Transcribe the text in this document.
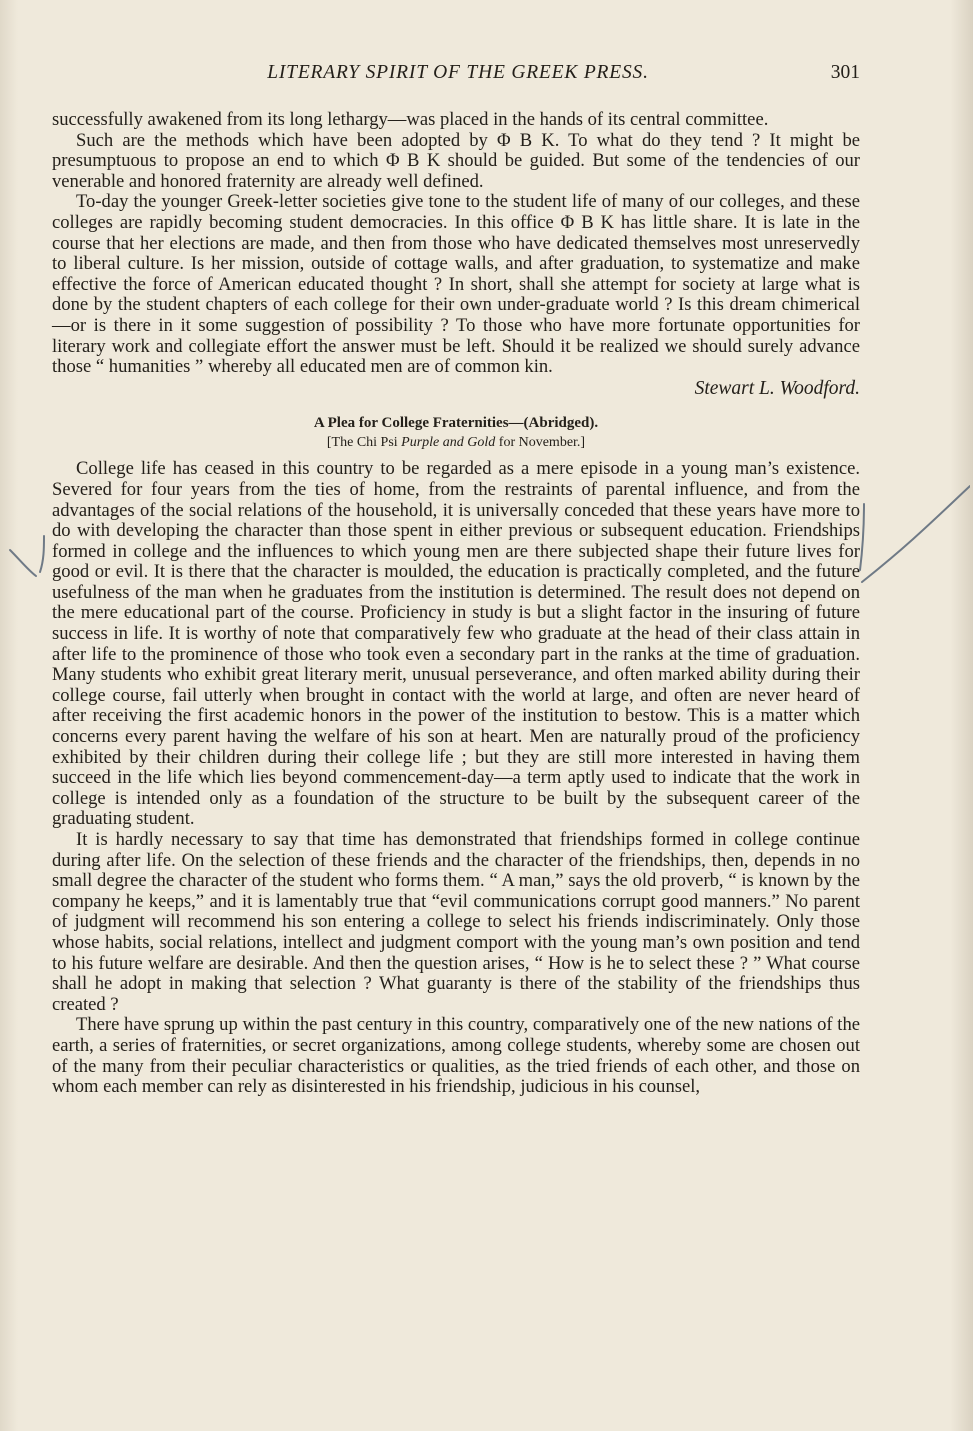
LITERARY SPIRIT OF THE GREEK PRESS.	301

successfully awakened from its long lethargy—was placed in the hands of its central committee.

Such are the methods which have been adopted by Φ B K. To what do they tend ? It might be presumptuous to propose an end to which Φ B K should be guided. But some of the tendencies of our venerable and honored fraternity are already well defined.

To-day the younger Greek-letter societies give tone to the student life of many of our colleges, and these colleges are rapidly becoming student democracies. In this office Φ B K has little share. It is late in the course that her elections are made, and then from those who have dedicated themselves most unreservedly to liberal culture. Is her mission, outside of cottage walls, and after graduation, to systematize and make effective the force of American educated thought ? In short, shall she attempt for society at large what is done by the student chapters of each college for their own under-graduate world ? Is this dream chimerical—or is there in it some suggestion of possibility ? To those who have more fortunate opportunities for literary work and collegiate effort the answer must be left. Should it be realized we should surely advance those “ humanities ” whereby all educated men are of common kin.

Stewart L. Woodford.

A Plea for College Fraternities—(Abridged).

[The Chi Psi Purple and Gold for November.]

College life has ceased in this country to be regarded as a mere episode in a young man’s existence. Severed for four years from the ties of home, from the restraints of parental influence, and from the advantages of the social relations of the household, it is universally conceded that these years have more to do with developing the character than those spent in either previous or subsequent education. Friendships formed in college and the influences to which young men are there subjected shape their future lives for good or evil. It is there that the character is moulded, the education is practically completed, and the future usefulness of the man when he graduates from the institution is determined. The result does not depend on the mere educational part of the course. Proficiency in study is but a slight factor in the insuring of future success in life. It is worthy of note that comparatively few who graduate at the head of their class attain in after life to the prominence of those who took even a secondary part in the ranks at the time of graduation. Many students who exhibit great literary merit, unusual perseverance, and often marked ability during their college course, fail utterly when brought in contact with the world at large, and often are never heard of after receiving the first academic honors in the power of the institution to bestow. This is a matter which concerns every parent having the welfare of his son at heart. Men are naturally proud of the proficiency exhibited by their children during their college life ; but they are still more interested in having them succeed in the life which lies beyond commencement-day—a term aptly used to indicate that the work in college is intended only as a foundation of the structure to be built by the subsequent career of the graduating student.

It is hardly necessary to say that time has demonstrated that friendships formed in college continue during after life. On the selection of these friends and the character of the friendships, then, depends in no small degree the character of the student who forms them. “ A man,” says the old proverb, “ is known by the company he keeps,” and it is lamentably true that “evil communications corrupt good manners.” No parent of judgment will recommend his son entering a college to select his friends indiscriminately. Only those whose habits, social relations, intellect and judgment comport with the young man’s own position and tend to his future welfare are desirable. And then the question arises, “ How is he to select these ? ” What course shall he adopt in making that selection ? What guaranty is there of the stability of the friendships thus created ?

There have sprung up within the past century in this country, comparatively one of the new nations of the earth, a series of fraternities, or secret organizations, among college students, whereby some are chosen out of the many from their peculiar characteristics or qualities, as the tried friends of each other, and those on whom each member can rely as disinterested in his friendship, judicious in his counsel,
